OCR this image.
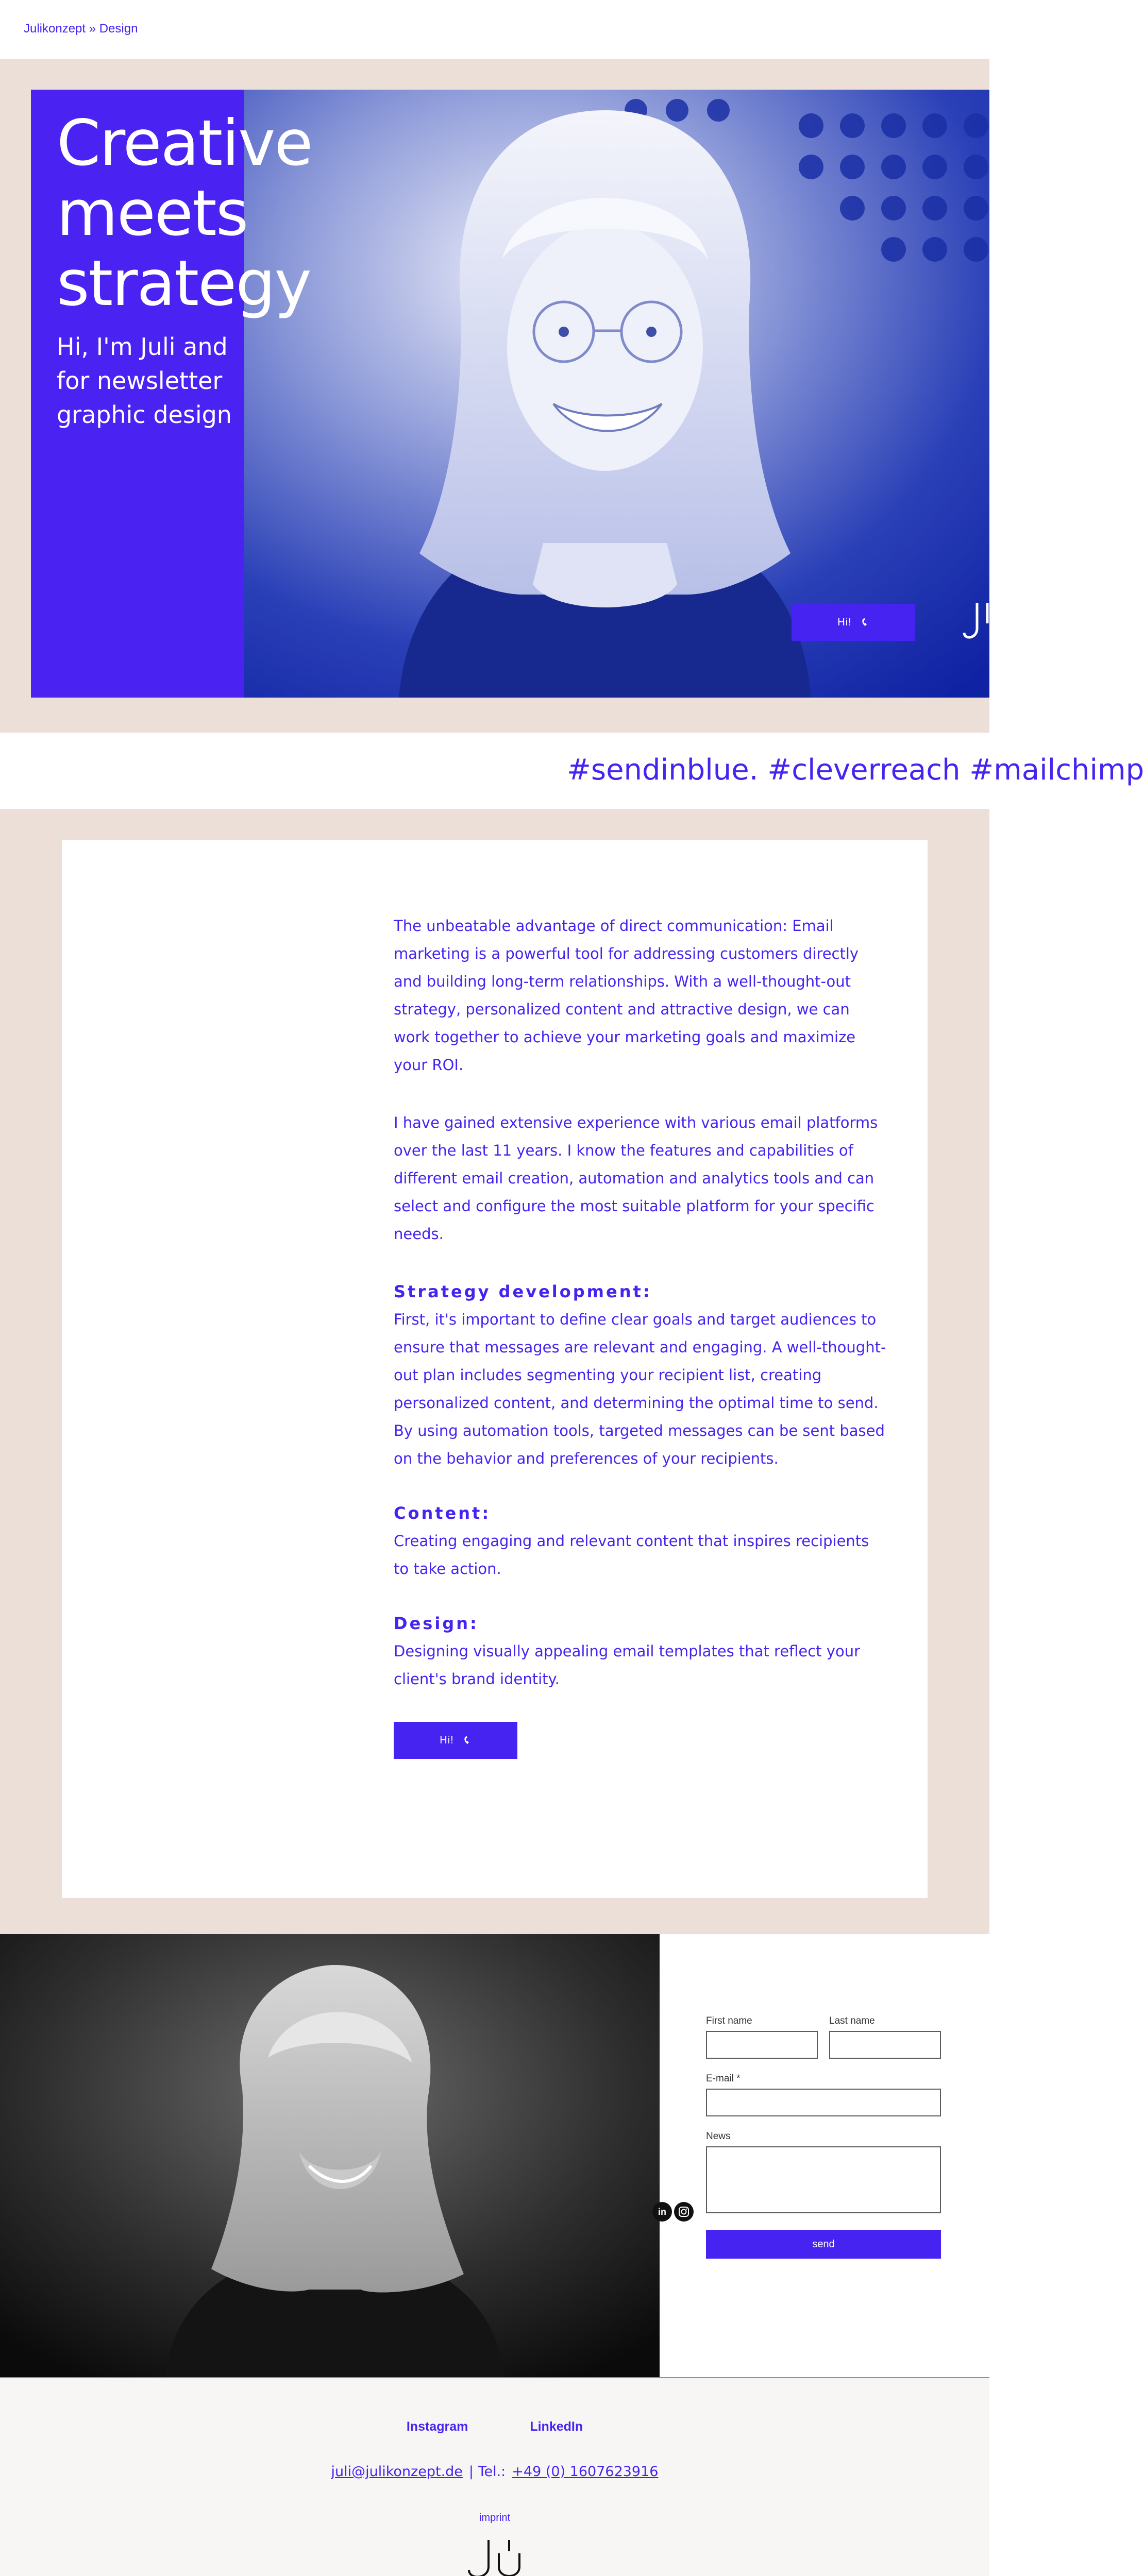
Julikonzept » Design
Creative
meets
strategy
Hi, I'm Juli and
for newsletter
graphic design
Hi!
#sendinblue. #cleverreach #mailchimp

The unbeatable advantage of direct communication: Email marketing is a powerful tool for addressing customers directly and building long-term relationships. With a well-thought-out strategy, personalized content and attractive design, we can work together to achieve your marketing goals and maximize your ROI.

I have gained extensive experience with various email platforms over the last 11 years. I know the features and capabilities of different email creation, automation and analytics tools and can select and configure the most suitable platform for your specific needs.

Strategy development:

First, it's important to define clear goals and target audiences to ensure that messages are relevant and engaging. A well-thought-out plan includes segmenting your recipient list, creating personalized content, and determining the optimal time to send. By using automation tools, targeted messages can be sent based on the behavior and preferences of your recipients.

Content:

Creating engaging and relevant content that inspires recipients to take action.

Design:

Designing visually appealing email templates that reflect your client's brand identity.

Hi!
in
First name	Last name
E-mail *
News
send
Instagram	LinkedIn
juli@julikonzept.de | Tel.: +49 (0) 1607623916
imprint
